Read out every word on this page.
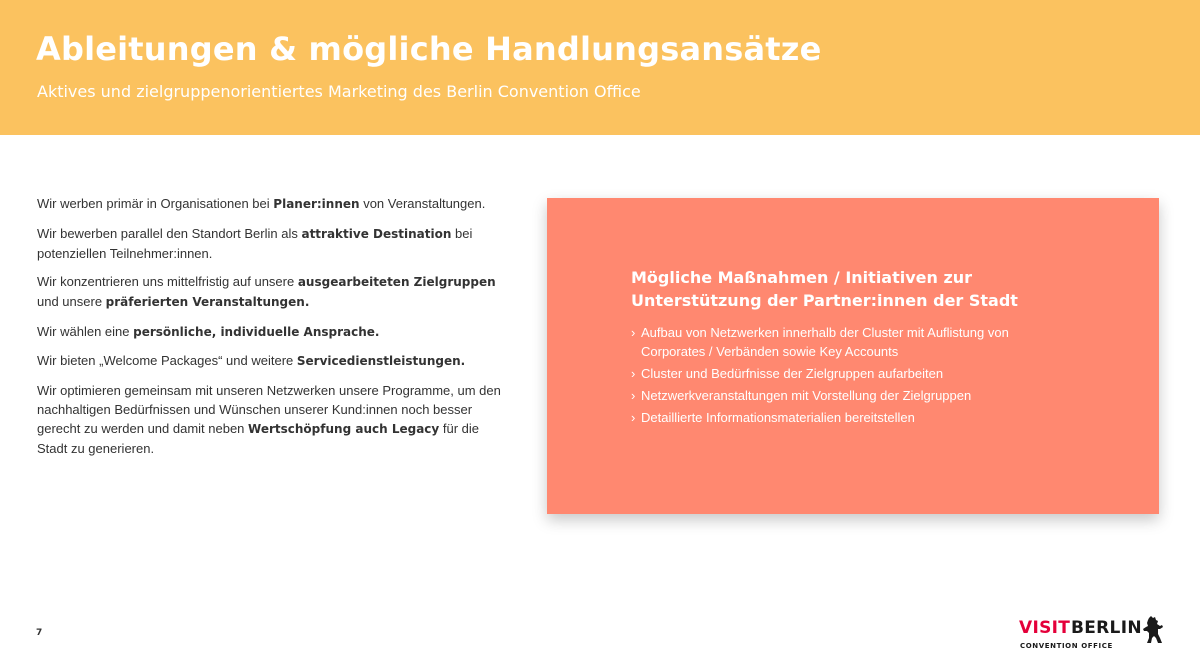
Ableitungen & mögliche Handlungsansätze
Aktives und zielgruppenorientiertes Marketing des Berlin Convention Office

Wir werben primär in Organisationen bei Planer:innen von Veranstaltungen.

Wir bewerben parallel den Standort Berlin als attraktive Destination bei potenziellen Teilnehmer:innen.

Wir konzentrieren uns mittelfristig auf unsere ausgearbeiteten Zielgruppen und unsere präferierten Veranstaltungen.

Wir wählen eine persönliche, individuelle Ansprache.

Wir bieten „Welcome Packages“ und weitere Servicedienstleistungen.

Wir optimieren gemeinsam mit unseren Netzwerken unsere Programme, um den nachhaltigen Bedürfnissen und Wünschen unserer Kund:innen noch besser gerecht zu werden und damit neben Wertschöpfung auch Legacy für die Stadt zu generieren.

Mögliche Maßnahmen / Initiativen zur Unterstützung der Partner:innen der Stadt
› Aufbau von Netzwerken innerhalb der Cluster mit Auflistung von Corporates / Verbänden sowie Key Accounts
› Cluster und Bedürfnisse der Zielgruppen aufarbeiten
› Netzwerkveranstaltungen mit Vorstellung der Zielgruppen
› Detaillierte Informationsmaterialien bereitstellen
7	VISIT BERLIN
CONVENTION OFFICE
